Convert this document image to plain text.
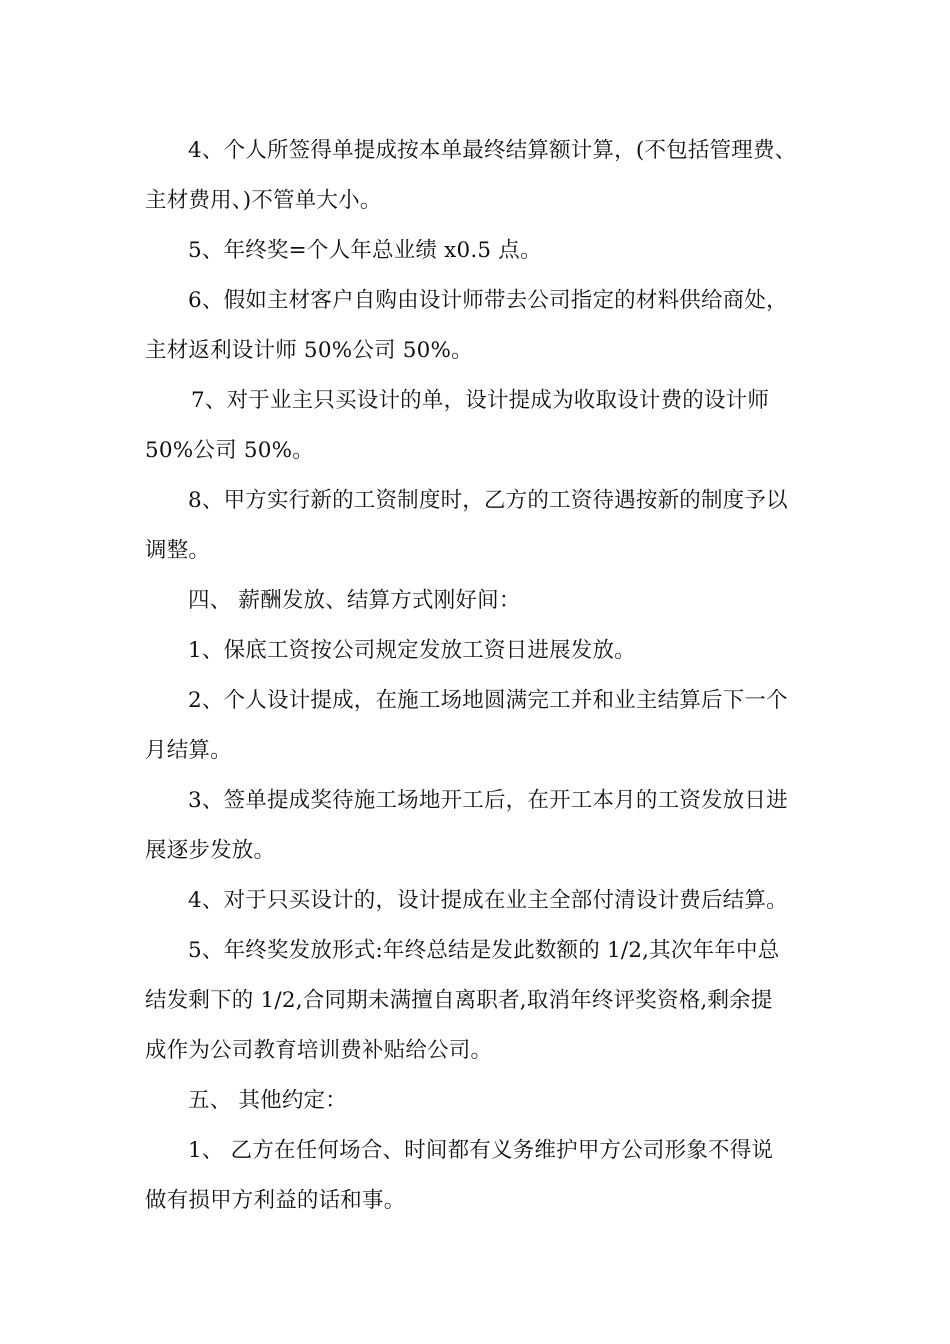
4、个人所签得单提成按本单最终结算额计算，(不包括管理费、
主材费用、)不管单大小。
5、年终奖=个人年总业绩 x0.5 点。
6、假如主材客户自购由设计师带去公司指定的材料供给商处，
主材返利设计师 50%公司 50%。
7、对于业主只买设计的单，设计提成为收取设计费的设计师
50%公司 50%。
8、甲方实行新的工资制度时，乙方的工资待遇按新的制度予以
调整。
四、 薪酬发放、结算方式刚好间：
1、保底工资按公司规定发放工资日进展发放。
2、个人设计提成，在施工场地圆满完工并和业主结算后下一个
月结算。
3、签单提成奖待施工场地开工后，在开工本月的工资发放日进
展逐步发放。
4、对于只买设计的，设计提成在业主全部付清设计费后结算。
5、年终奖发放形式:年终总结是发此数额的 1/2,其次年年中总
结发剩下的 1/2,合同期未满擅自离职者,取消年终评奖资格,剩余提
成作为公司教育培训费补贴给公司。
五、 其他约定：
1、 乙方在任何场合、时间都有义务维护甲方公司形象不得说
做有损甲方利益的话和事。
